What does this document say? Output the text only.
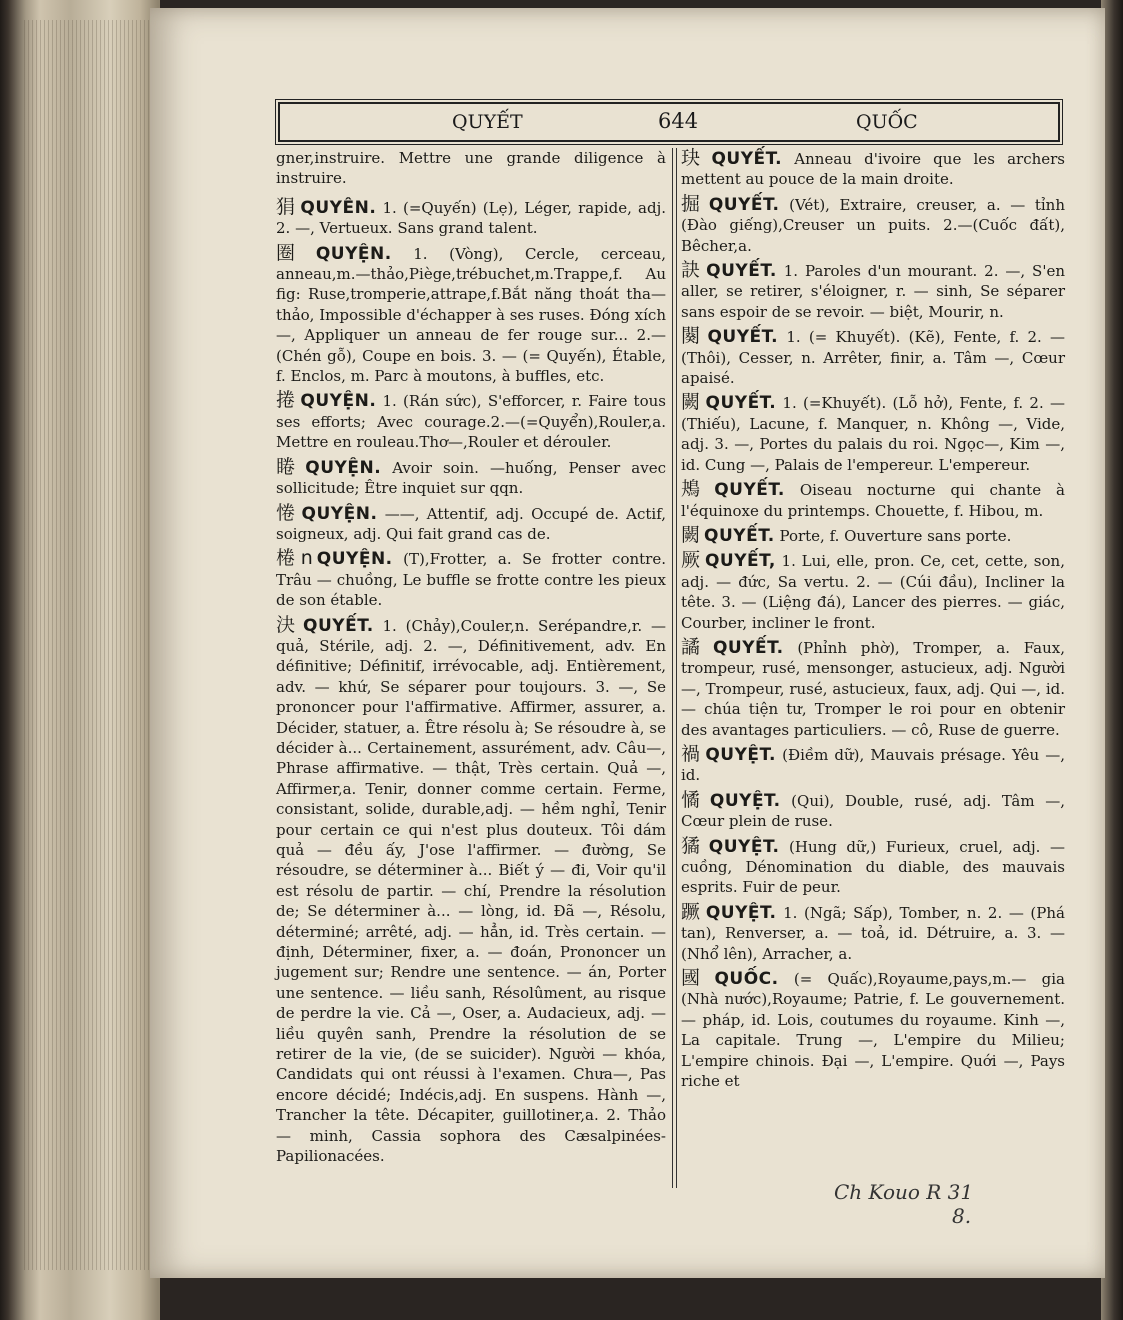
QUYẾT	644	QUỐC
gner,instruire. Mettre une grande diligence à instruire.
狷 QUYÊN. 1. (=Quyến) (Lẹ), Léger, rapide, adj. 2. —, Vertueux. Sans grand talent.
圈 QUYỆN. 1. (Vòng), Cercle, cerceau, anneau,m.—thảo,Piège,trébuchet,m.Trappe,f. Au fig: Ruse,tromperie,attrape,f.Bắt năng thoát tha—thảo, Impossible d'échapper à ses ruses. Đóng xích —, Appliquer un anneau de fer rouge sur... 2.—(Chén gỗ), Coupe en bois. 3. — (= Quyến), Étable, f. Enclos, m. Parc à moutons, à buffles, etc.
捲 QUYỆN. 1. (Rán sức), S'efforcer, r. Faire tous ses efforts; Avec courage.2.—(=Quyển),Rouler,a. Mettre en rouleau.Thơ—,Rouler et dérouler.
睠 QUYỆN. Avoir soin. —huống, Penser avec sollicitude; Être inquiet sur qqn.
惓 QUYỆN. ——, Attentif, adj. Occupé de. Actif, soigneux, adj. Qui fait grand cas de.
棬n QUYỆN. (T),Frotter, a. Se frotter contre. Trâu — chuồng, Le buffle se frotte contre les pieux de son étable.
決 QUYẾT. 1. (Chảy),Couler,n. Serépandre,r. — quả, Stérile, adj. 2. —, Définitivement, adv. En définitive; Définitif, irrévocable, adj. Entièrement, adv. — khứ, Se séparer pour toujours. 3. —, Se prononcer pour l'affirmative. Affirmer, assurer, a. Décider, statuer, a. Être résolu à; Se résoudre à, se décider à... Certainement, assurément, adv. Câu—, Phrase affirmative. — thật, Très certain. Quả —, Affirmer,a. Tenir, donner comme certain. Ferme, consistant, solide, durable,adj. — hềm nghỉ, Tenir pour certain ce qui n'est plus douteux. Tôi dám quả — đều ấy, J'ose l'affirmer. — đường, Se résoudre, se déterminer à... Biết ý — đi, Voir qu'il est résolu de partir. — chí, Prendre la résolution de; Se déterminer à... — lòng, id. Đã —, Résolu, déterminé; arrêté, adj. — hẳn, id. Très certain. — định, Déterminer, fixer, a. — đoán, Prononcer un jugement sur; Rendre une sentence. — án, Porter une sentence. — liều sanh, Résolûment, au risque de perdre la vie. Cả —, Oser, a. Audacieux, adj. — liều quyên sanh, Prendre la résolution de se retirer de la vie, (de se suicider). Người — khóa, Candidats qui ont réussi à l'examen. Chưa—, Pas encore décidé; Indécis,adj. En suspens. Hành —, Trancher la tête. Décapiter, guillotiner,a. 2. Thảo — minh, Cassia sophora des Cæsalpinées-Papilionacées.
玦 QUYẾT. Anneau d'ivoire que les archers mettent au pouce de la main droite.
掘 QUYẾT. (Vét), Extraire, creuser, a. — tỉnh (Đào giếng),Creuser un puits. 2.—(Cuốc đất), Bêcher,a.
訣 QUYẾT. 1. Paroles d'un mourant. 2. —, S'en aller, se retirer, s'éloigner, r. — sinh, Se séparer sans espoir de se revoir. — biệt, Mourir, n.
闋 QUYẾT. 1. (= Khuyết). (Kẽ), Fente, f. 2. — (Thôi), Cesser, n. Arrêter, finir, a. Tâm —, Cœur apaisé.
闕 QUYẾT. 1. (=Khuyết). (Lỗ hở), Fente, f. 2. — (Thiếu), Lacune, f. Manquer, n. Không —, Vide, adj. 3. —, Portes du palais du roi. Ngọc—, Kim —, id. Cung —, Palais de l'empereur. L'empereur.
鴂 QUYẾT. Oiseau nocturne qui chante à l'équinoxe du printemps. Chouette, f. Hibou, m.
闕 QUYẾT. Porte, f. Ouverture sans porte.
厥 QUYẾT, 1. Lui, elle, pron. Ce, cet, cette, son, adj. — đức, Sa vertu. 2. — (Cúi đầu), Incliner la tête. 3. — (Liệng đá), Lancer des pierres. — giác, Courber, incliner le front.
譎 QUYẾT. (Phỉnh phờ), Tromper, a. Faux, trompeur, rusé, mensonger, astucieux, adj. Người —, Trompeur, rusé, astucieux, faux, adj. Qui —, id. — chúa tiện tư, Tromper le roi pour en obtenir des avantages particuliers. — cô, Ruse de guerre.
禍 QUYỆT. (Điềm dữ), Mauvais présage. Yêu —, id.
憰 QUYỆT. (Qui), Double, rusé, adj. Tâm —, Cœur plein de ruse.
獝 QUYỆT. (Hung dữ,) Furieux, cruel, adj. — cuồng, Dénomination du diable, des mauvais esprits. Fuir de peur.
蹶 QUYỆT. 1. (Ngã; Sấp), Tomber, n. 2. — (Phá tan), Renverser, a. — toả, id. Détruire, a. 3. — (Nhổ lên), Arracher, a.
國 QUỐC. (= Quấc),Royaume,pays,m.— gia (Nhà nước),Royaume; Patrie, f. Le gouvernement. — pháp, id. Lois, coutumes du royaume. Kinh —, La capitale. Trung —, L'empire du Milieu; L'empire chinois. Đại —, L'empire. Quới —, Pays riche et
Ch Kouo R 31
8.
